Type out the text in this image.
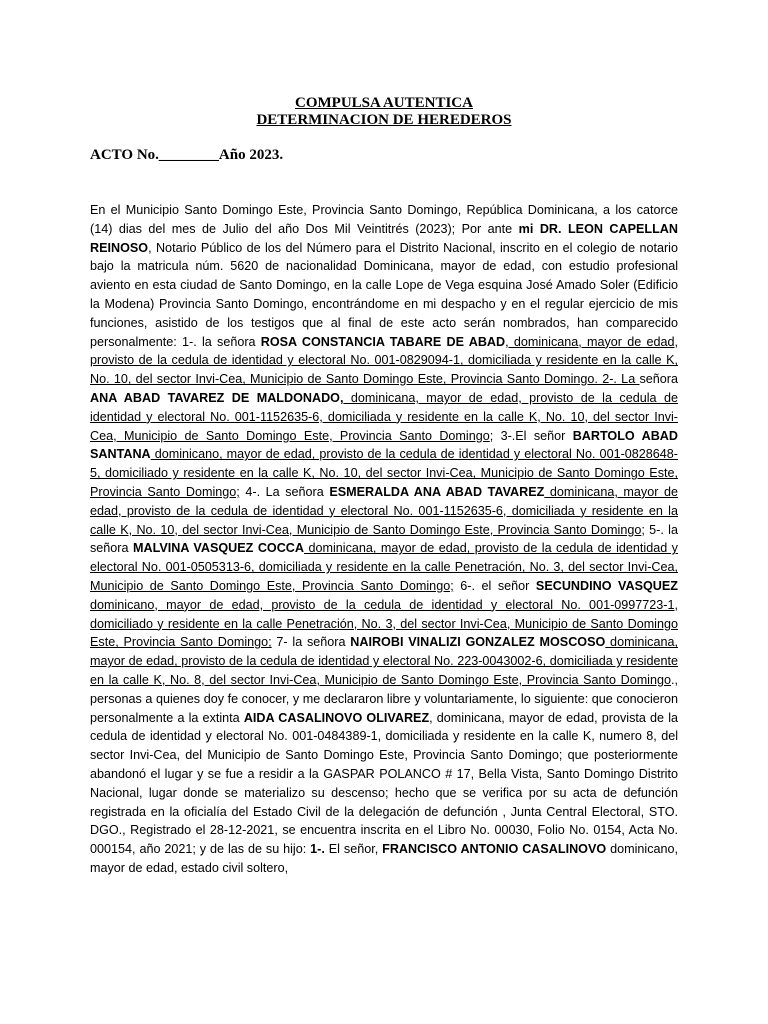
COMPULSA AUTENTICA
DETERMINACION DE HEREDEROS
ACTO No.________Año 2023.

En el Municipio Santo Domingo Este, Provincia Santo Domingo, República Dominicana, a los catorce (14) dias del mes de Julio del año Dos Mil Veintitrés (2023); Por ante mi DR. LEON CAPELLAN REINOSO, Notario Público de los del Número para el Distrito Nacional, inscrito en el colegio de notario bajo la matricula núm. 5620 de nacionalidad Dominicana, mayor de edad, con estudio profesional aviento en esta ciudad de Santo Domingo, en la calle Lope de Vega esquina José Amado Soler (Edificio la Modena) Provincia Santo Domingo, encontrándome en mi despacho y en el regular ejercicio de mis funciones, asistido de los testigos que al final de este acto serán nombrados, han comparecido personalmente: 1-. la señora ROSA CONSTANCIA TABARE DE ABAD, dominicana, mayor de edad, provisto de la cedula de identidad y electoral No. 001-0829094-1, domiciliada y residente en la calle K, No. 10, del sector Invi-Cea, Municipio de Santo Domingo Este, Provincia Santo Domingo. 2-. La señora ANA ABAD TAVAREZ DE MALDONADO, dominicana, mayor de edad, provisto de la cedula de identidad y electoral No. 001-1152635-6, domiciliada y residente en la calle K, No. 10, del sector Invi-Cea, Municipio de Santo Domingo Este, Provincia Santo Domingo; 3-.El señor BARTOLO ABAD SANTANA dominicano, mayor de edad, provisto de la cedula de identidad y electoral No. 001-0828648-5, domiciliado y residente en la calle K, No. 10, del sector Invi-Cea, Municipio de Santo Domingo Este, Provincia Santo Domingo; 4-. La señora ESMERALDA ANA ABAD TAVAREZ dominicana, mayor de edad, provisto de la cedula de identidad y electoral No. 001-1152635-6, domiciliada y residente en la calle K, No. 10, del sector Invi-Cea, Municipio de Santo Domingo Este, Provincia Santo Domingo; 5-. la señora MALVINA VASQUEZ COCCA dominicana, mayor de edad, provisto de la cedula de identidad y electoral No. 001-0505313-6, domiciliada y residente en la calle Penetración, No. 3, del sector Invi-Cea, Municipio de Santo Domingo Este, Provincia Santo Domingo; 6-. el señor SECUNDINO VASQUEZ dominicano, mayor de edad, provisto de la cedula de identidad y electoral No. 001-0997723-1, domiciliado y residente en la calle Penetración, No. 3, del sector Invi-Cea, Municipio de Santo Domingo Este, Provincia Santo Domingo; 7- la señora NAIROBI VINALIZI GONZALEZ MOSCOSO dominicana, mayor de edad, provisto de la cedula de identidad y electoral No. 223-0043002-6, domiciliada y residente en la calle K, No. 8, del sector Invi-Cea, Municipio de Santo Domingo Este, Provincia Santo Domingo., personas a quienes doy fe conocer, y me declararon libre y voluntariamente, lo siguiente: que conocieron personalmente a la extinta AIDA CASALINOVO OLIVAREZ, dominicana, mayor de edad, provista de la cedula de identidad y electoral No. 001-0484389-1, domiciliada y residente en la calle K, numero 8, del sector Invi-Cea, del Municipio de Santo Domingo Este, Provincia Santo Domingo; que posteriormente abandonó el lugar y se fue a residir a la GASPAR POLANCO # 17, Bella Vista, Santo Domingo Distrito Nacional, lugar donde se materializo su descenso; hecho que se verifica por su acta de defunción registrada en la oficialía del Estado Civil de la delegación de defunción , Junta Central Electoral, STO. DGO., Registrado el 28-12-2021, se encuentra inscrita en el Libro No. 00030, Folio No. 0154, Acta No. 000154, año 2021; y de las de su hijo: 1-. El señor, FRANCISCO ANTONIO CASALINOVO dominicano, mayor de edad, estado civil soltero,
